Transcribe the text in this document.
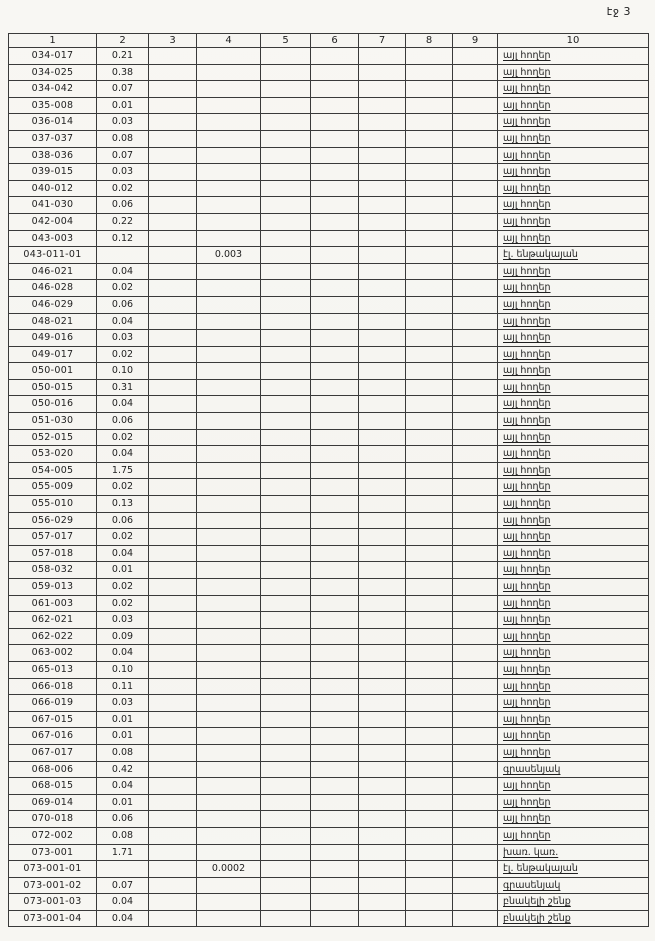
էջ 3
1	2	3	4	5	6	7	8	9	10
034-017	0.21								այլ հողեր
034-025	0.38								այլ հողեր
034-042	0.07								այլ հողեր
035-008	0.01								այլ հողեր
036-014	0.03								այլ հողեր
037-037	0.08								այլ հողեր
038-036	0.07								այլ հողեր
039-015	0.03								այլ հողեր
040-012	0.02								այլ հողեր
041-030	0.06								այլ հողեր
042-004	0.22								այլ հողեր
043-003	0.12								այլ հողեր
043-011-01			0.003						էլ. ենթակայան
046-021	0.04								այլ հողեր
046-028	0.02								այլ հողեր
046-029	0.06								այլ հողեր
048-021	0.04								այլ հողեր
049-016	0.03								այլ հողեր
049-017	0.02								այլ հողեր
050-001	0.10								այլ հողեր
050-015	0.31								այլ հողեր
050-016	0.04								այլ հողեր
051-030	0.06								այլ հողեր
052-015	0.02								այլ հողեր
053-020	0.04								այլ հողեր
054-005	1.75								այլ հողեր
055-009	0.02								այլ հողեր
055-010	0.13								այլ հողեր
056-029	0.06								այլ հողեր
057-017	0.02								այլ հողեր
057-018	0.04								այլ հողեր
058-032	0.01								այլ հողեր
059-013	0.02								այլ հողեր
061-003	0.02								այլ հողեր
062-021	0.03								այլ հողեր
062-022	0.09								այլ հողեր
063-002	0.04								այլ հողեր
065-013	0.10								այլ հողեր
066-018	0.11								այլ հողեր
066-019	0.03								այլ հողեր
067-015	0.01								այլ հողեր
067-016	0.01								այլ հողեր
067-017	0.08								այլ հողեր
068-006	0.42								գրասենյակ
068-015	0.04								այլ հողեր
069-014	0.01								այլ հողեր
070-018	0.06								այլ հողեր
072-002	0.08								այլ հողեր
073-001	1.71								խառ. կառ.
073-001-01			0.0002						էլ. ենթակայան
073-001-02	0.07								գրասենյակ
073-001-03	0.04								բնակելի շենք
073-001-04	0.04								բնակելի շենք
